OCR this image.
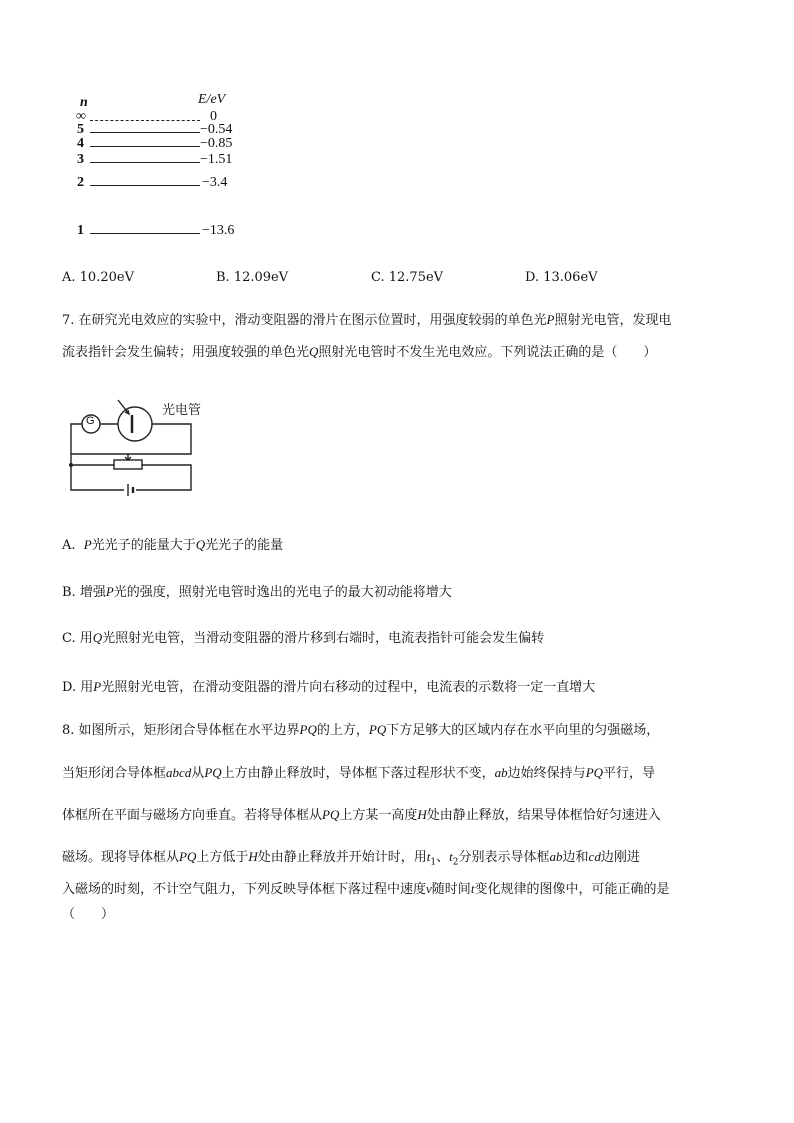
n	E/eV
∞	0
5	−0.54
4	−0.85
3	−1.51
2	−3.4
1	−13.6
A. 10.20eV	B. 12.09eV	C. 12.75eV	D. 13.06eV
7. 在研究光电效应的实验中，滑动变阻器的滑片在图示位置时，用强度较弱的单色光P照射光电管，发现电
流表指针会发生偏转；用强度较强的单色光Q照射光电管时不发生光电效应。下列说法正确的是（　　）
G
光电管
A. P光光子的能量大于Q光光子的能量
B. 增强P光的强度，照射光电管时逸出的光电子的最大初动能将增大
C. 用Q光照射光电管，当滑动变阻器的滑片移到右端时，电流表指针可能会发生偏转
D. 用P光照射光电管，在滑动变阻器的滑片向右移动的过程中，电流表的示数将一定一直增大
8. 如图所示，矩形闭合导体框在水平边界PQ的上方，PQ下方足够大的区域内存在水平向里的匀强磁场，
当矩形闭合导体框abcd从PQ上方由静止释放时，导体框下落过程形状不变，ab边始终保持与PQ平行，导
体框所在平面与磁场方向垂直。若将导体框从PQ上方某一高度H处由静止释放，结果导体框恰好匀速进入
磁场。现将导体框从PQ上方低于H处由静止释放并开始计时，用$t_1$、$t_2$分别表示导体框ab边和cd边刚进
入磁场的时刻，不计空气阻力，下列反映导体框下落过程中速度v随时间t变化规律的图像中，可能正确的是
（　　）
